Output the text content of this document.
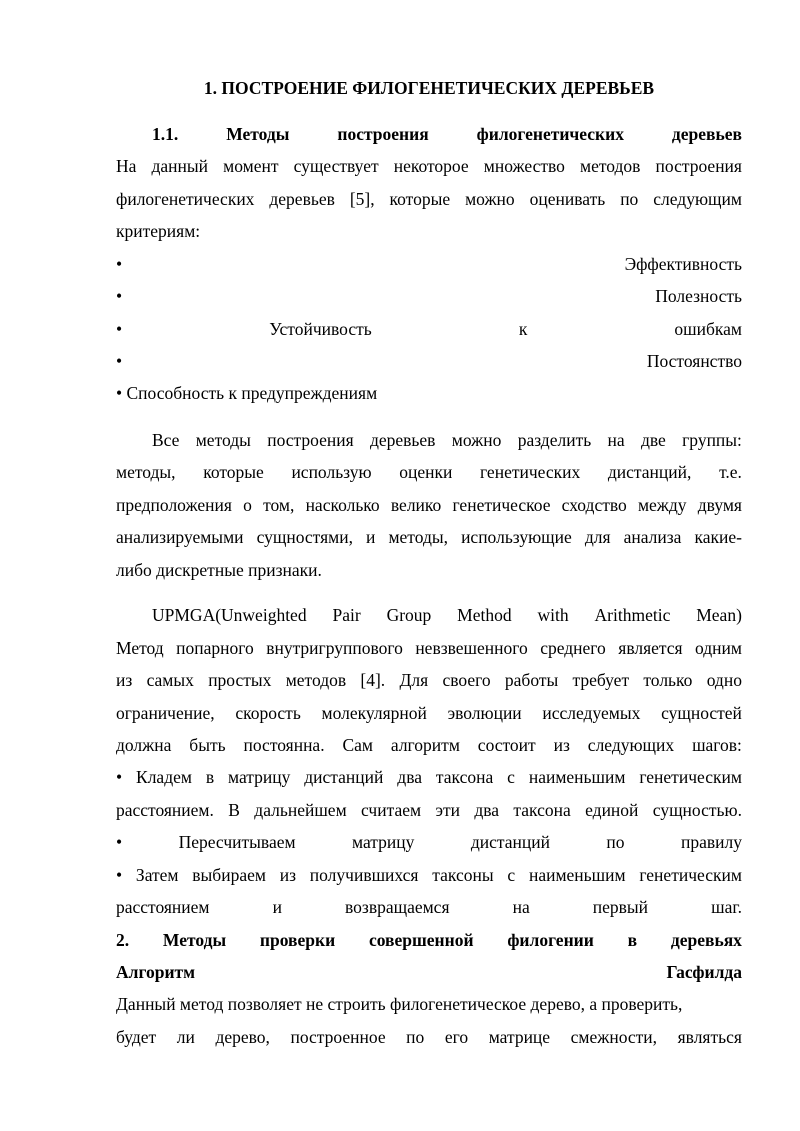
1. ПОСТРОЕНИЕ ФИЛОГЕНЕТИЧЕСКИХ ДЕРЕВЬЕВ
1.1.	Методы	построения	филогенетических	деревьев
На данный момент существует некоторое множество методов построения
филогенетических деревьев [5], которые можно оценивать по следующим
критериям:
•	Эффективность
•	Полезность
•	Устойчивость	к	ошибкам
•	Постоянство
• Способность к предупреждениям
Все методы построения деревьев можно разделить на две группы:
методы, которые использую оценки генетических дистанций, т.е.
предположения о том, насколько велико генетическое сходство между двумя
анализируемыми сущностями, и методы, использующие для анализа какие-
либо дискретные признаки.
UPMGA(Unweighted Pair Group Method with Arithmetic Mean)
Метод попарного внутригруппового невзвешенного среднего является одним
из самых простых методов [4]. Для своего работы требует только одно
ограничение, скорость молекулярной эволюции исследуемых сущностей
должна быть постоянна. Сам алгоритм состоит из следующих шагов:
• Кладем в матрицу дистанций два таксона с наименьшим генетическим
расстоянием. В дальнейшем считаем эти два таксона единой сущностью.
•	Пересчитываем	матрицу	дистанций	по	правилу
• Затем выбираем из получившихся таксоны с наименьшим генетическим
расстоянием	и	возвращаемся	на	первый	шаг.
2. Методы проверки совершенной филогении в деревьях
Алгоритм	Гасфилда
Данный метод позволяет не строить филогенетическое дерево, а проверить,
будет ли дерево, построенное по его матрице смежности, являться
